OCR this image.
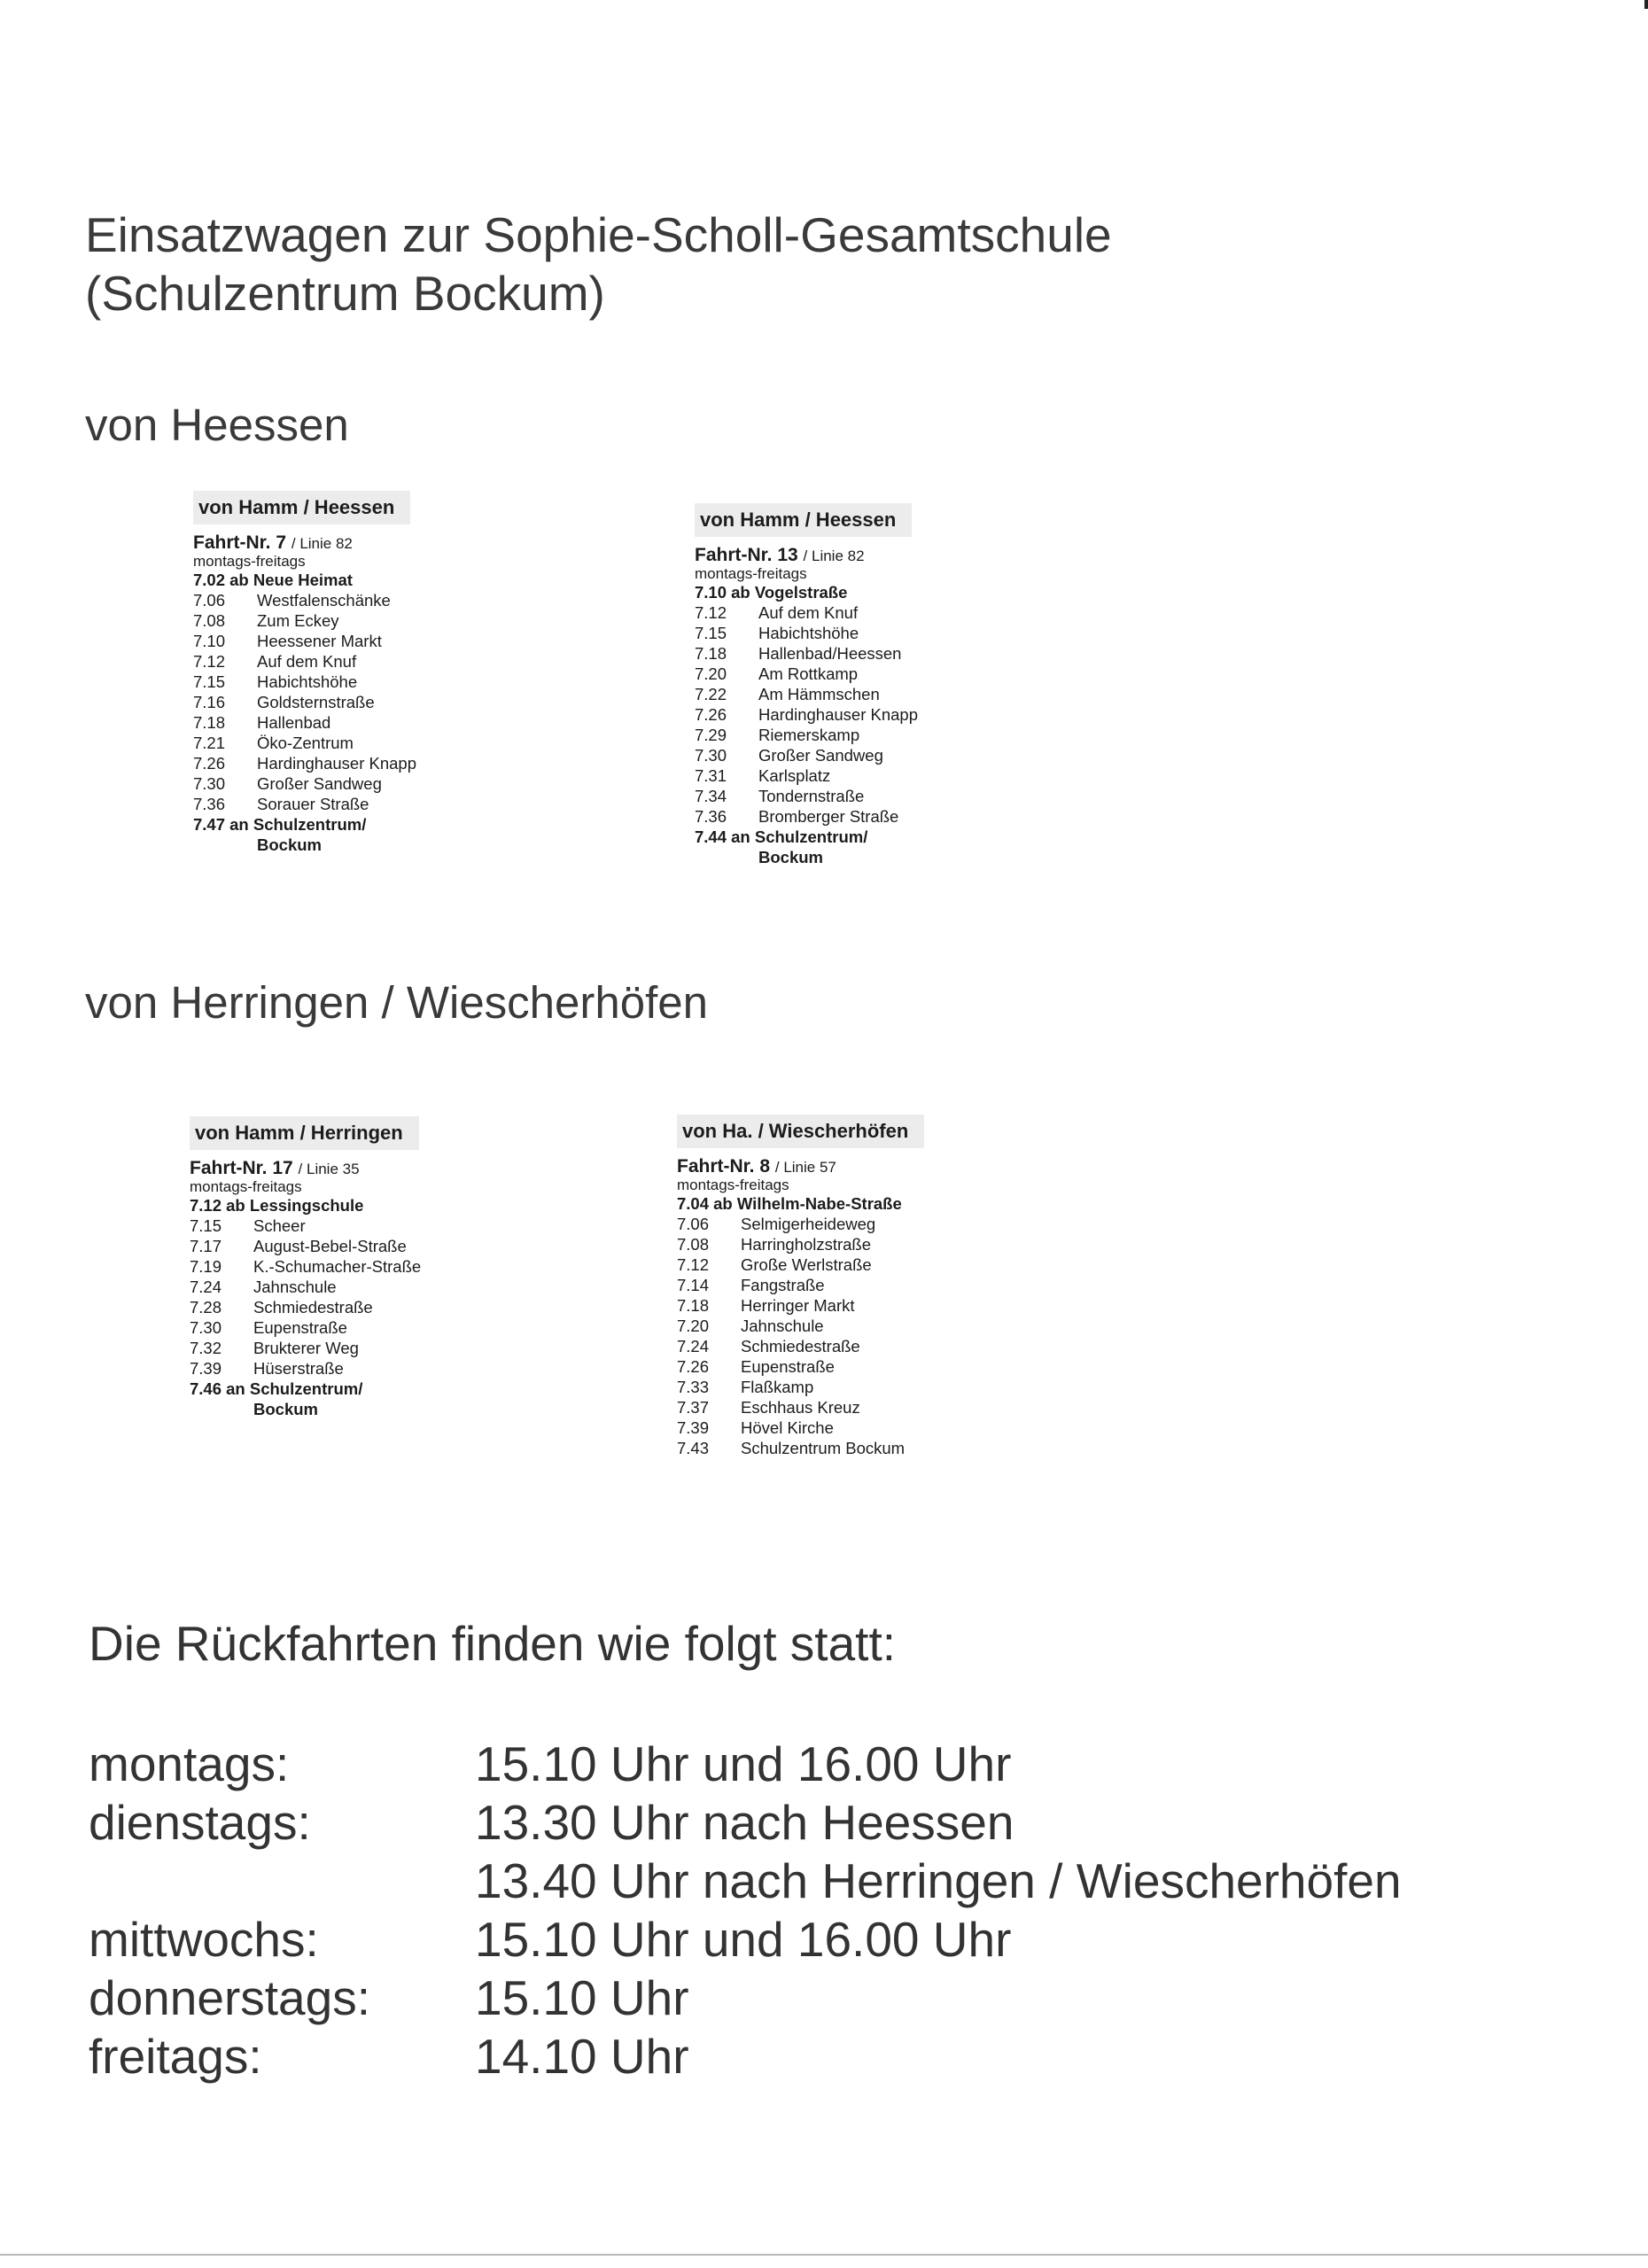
Einsatzwagen zur Sophie-Scholl-Gesamtschule
(Schulzentrum Bockum)
von Heessen
von Herringen / Wiescherhöfen
von Hamm / Heessen
Fahrt-Nr. 7 / Linie 82
montags-freitags
7.02 ab Neue Heimat
7.06 Westfalenschänke
7.08 Zum Eckey
7.10 Heessener Markt
7.12 Auf dem Knuf
7.15 Habichtshöhe
7.16 Goldsternstraße
7.18 Hallenbad
7.21 Öko-Zentrum
7.26 Hardinghauser Knapp
7.30 Großer Sandweg
7.36 Sorauer Straße
7.47 an Schulzentrum/
Bockum
von Hamm / Heessen
Fahrt-Nr. 13 / Linie 82
montags-freitags
7.10 ab Vogelstraße
7.12 Auf dem Knuf
7.15 Habichtshöhe
7.18 Hallenbad/Heessen
7.20 Am Rottkamp
7.22 Am Hämmschen
7.26 Hardinghauser Knapp
7.29 Riemerskamp
7.30 Großer Sandweg
7.31 Karlsplatz
7.34 Tondernstraße
7.36 Bromberger Straße
7.44 an Schulzentrum/
Bockum
von Hamm / Herringen
Fahrt-Nr. 17 / Linie 35
montags-freitags
7.12 ab Lessingschule
7.15 Scheer
7.17 August-Bebel-Straße
7.19 K.-Schumacher-Straße
7.24 Jahnschule
7.28 Schmiedestraße
7.30 Eupenstraße
7.32 Brukterer Weg
7.39 Hüserstraße
7.46 an Schulzentrum/
Bockum
von Ha. / Wiescherhöfen
Fahrt-Nr. 8 / Linie 57
montags-freitags
7.04 ab Wilhelm-Nabe-Straße
7.06 Selmigerheideweg
7.08 Harringholzstraße
7.12 Große Werlstraße
7.14 Fangstraße
7.18 Herringer Markt
7.20 Jahnschule
7.24 Schmiedestraße
7.26 Eupenstraße
7.33 Flaßkamp
7.37 Eschhaus Kreuz
7.39 Hövel Kirche
7.43 Schulzentrum Bockum
Die Rückfahrten finden wie folgt statt:
montags:	15.10 Uhr und 16.00 Uhr
dienstags:	13.30 Uhr nach Heessen
13.40 Uhr nach Herringen / Wiescherhöfen
mittwochs:	15.10 Uhr und 16.00 Uhr
donnerstags: 15.10 Uhr
freitags:	14.10 Uhr
